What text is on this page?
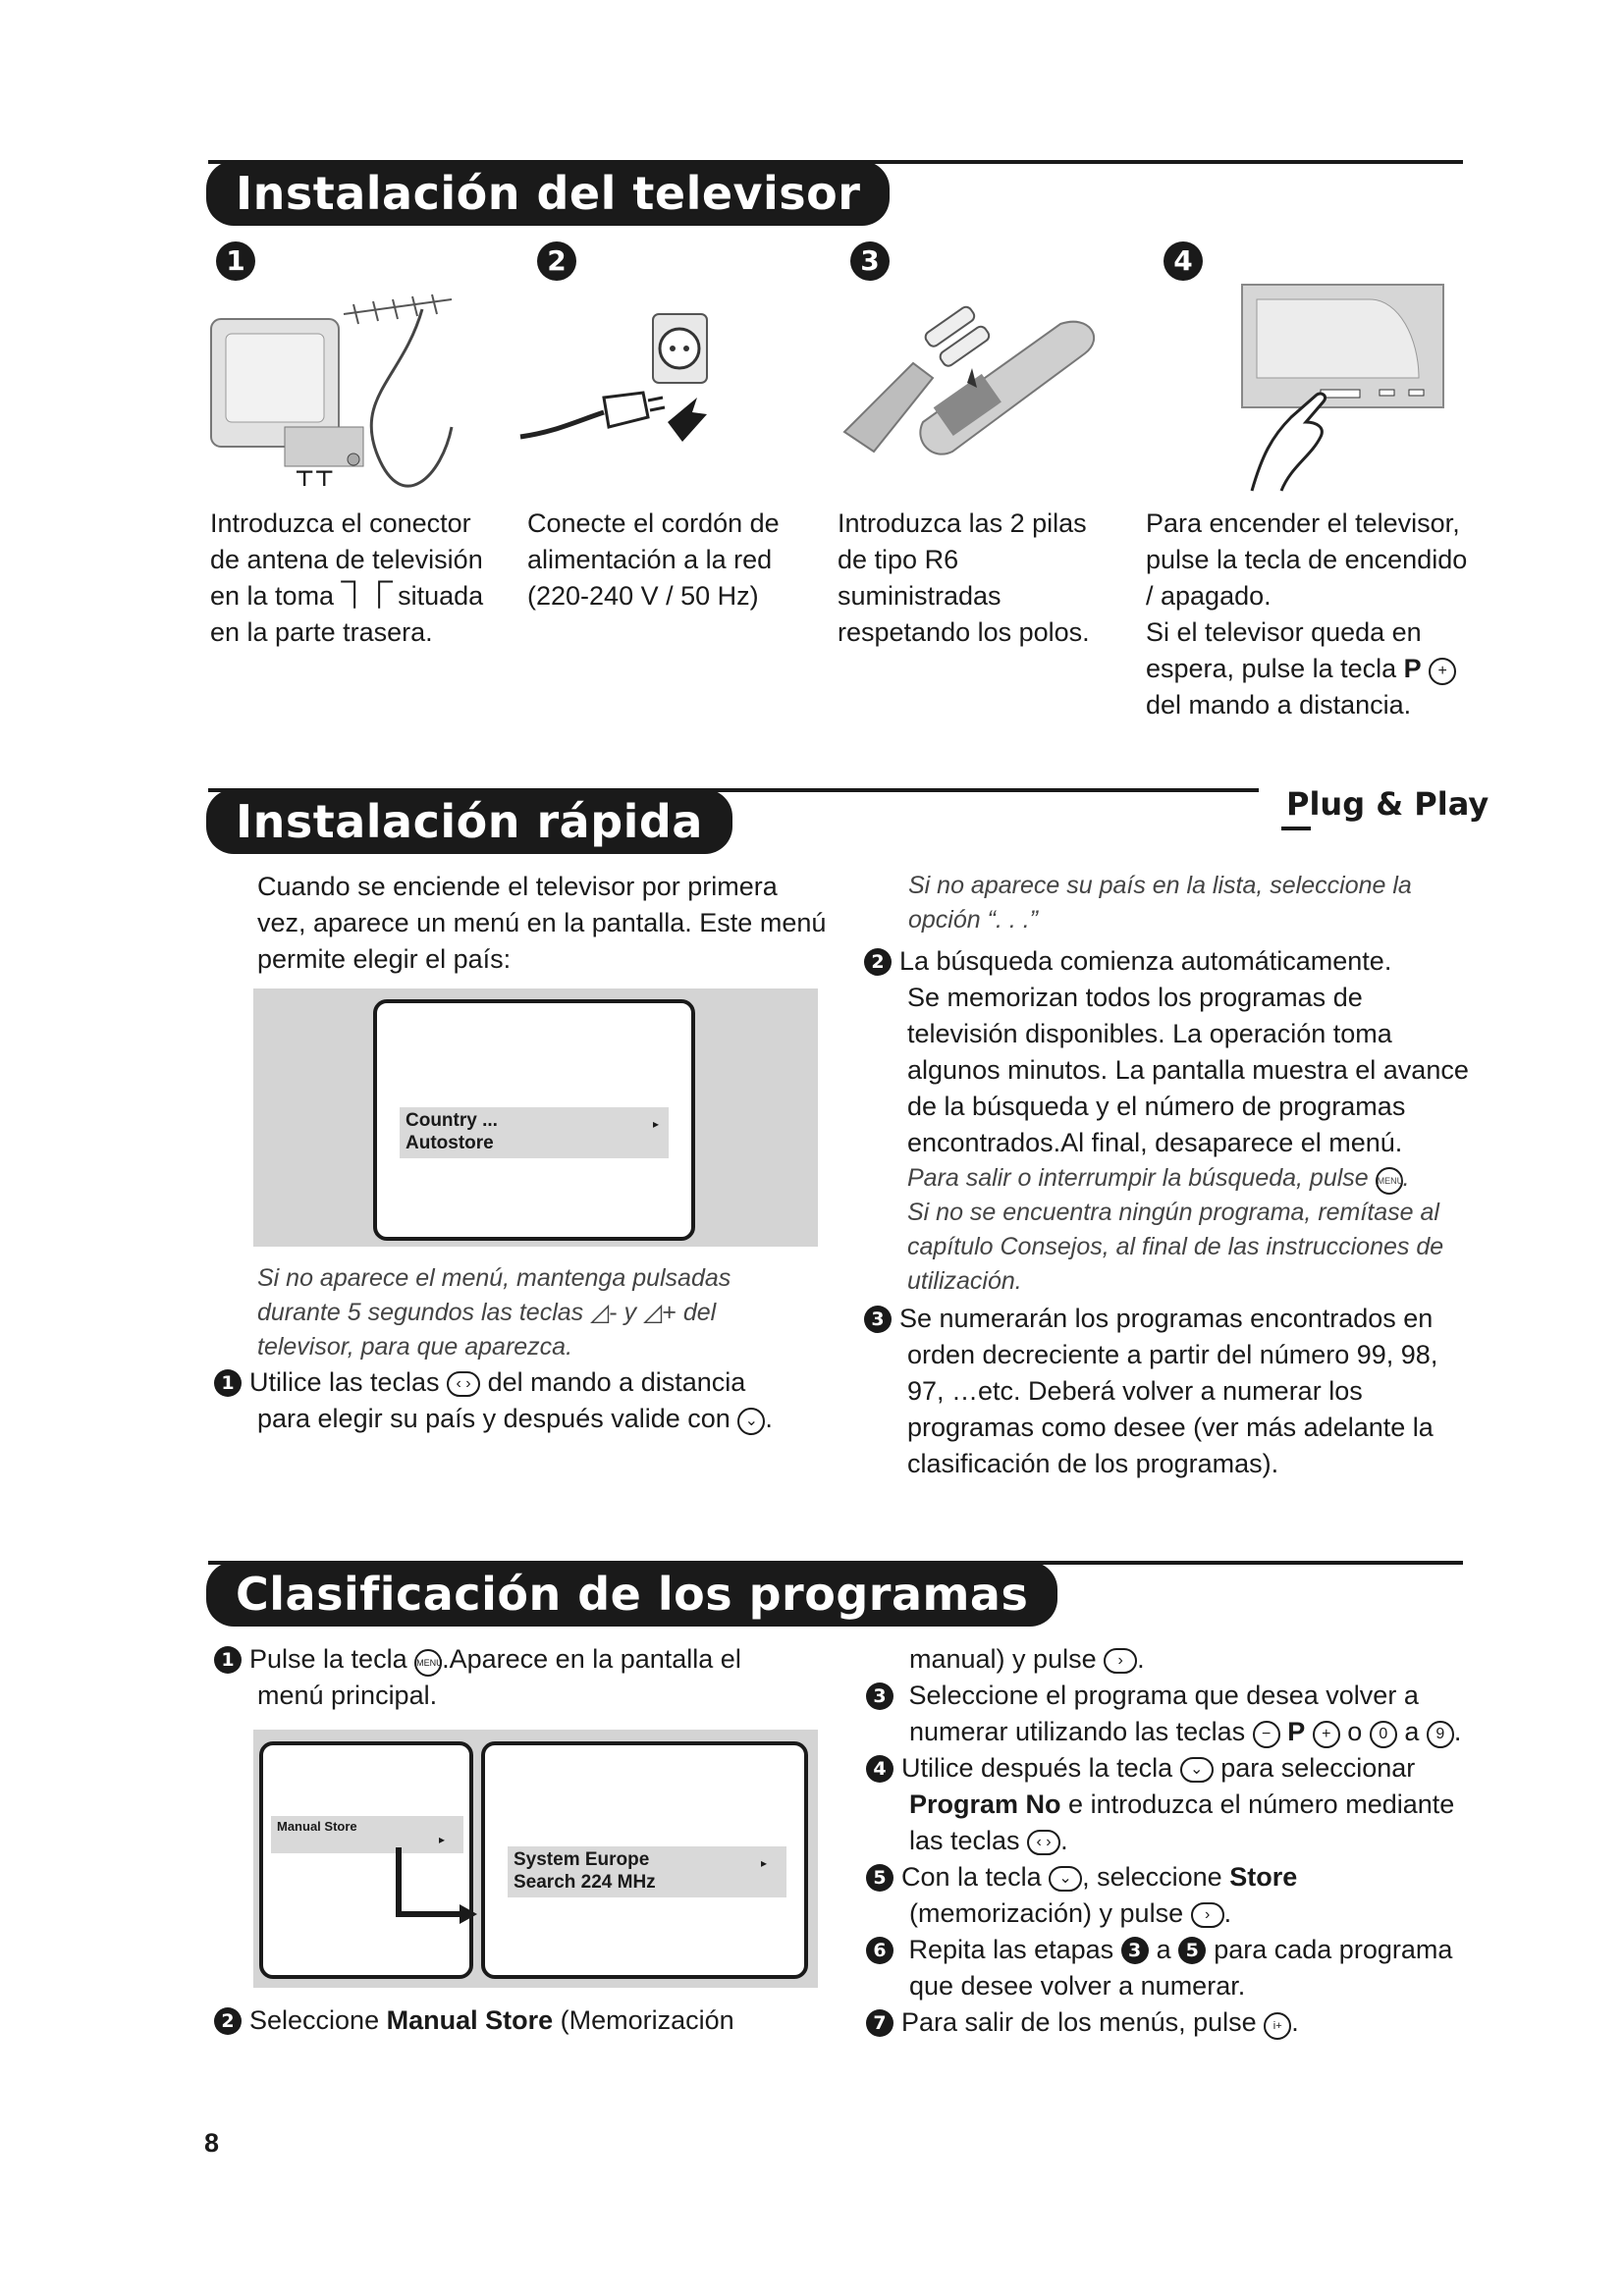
Instalación del televisor
1	2	3	4
⊤⊤

Introduzca el conector

de antena de televisión

en la toma ⏋⎾ situada

en la parte trasera.

Conecte el cordón de

alimentación a la red

(220-240 V / 50 Hz)

Introduzca las 2 pilas

de tipo R6

suministradas

respetando los polos.

Para encender el televisor,

pulse la tecla de encendido

/ apagado.

Si el televisor queda en

espera, pulse la tecla P +

del mando a distancia.

Instalación rápida	Plug & Play

Cuando se enciende el televisor por primera

vez, aparece un menú en la pantalla. Este menú

permite elegir el país:

Country ...
Autostore
▸

Si no aparece el menú, mantenga pulsadas

durante 5 segundos las teclas ◿- y ◿+ del

televisor, para que aparezca.

1 Utilice las teclas ‹ › del mando a distancia

para elegir su país y después valide con ⌄ .

Si no aparece su país en la lista, seleccione la

opción “. . .”

2 La búsqueda comienza automáticamente.

Se memorizan todos los programas de

televisión disponibles. La operación toma

algunos minutos. La pantalla muestra el avance

de la búsqueda y el número de programas

encontrados.Al final, desaparece el menú.

Para salir o interrumpir la búsqueda, pulse MENU.

Si no se encuentra ningún programa, remítase al

capítulo Consejos, al final de las instrucciones de

utilización.

3 Se numerarán los programas encontrados en

orden decreciente a partir del número 99, 98,

97, …etc. Deberá volver a numerar los

programas como desee (ver más adelante la

clasificación de los programas).

Clasificación de los programas

1 Pulse la tecla MENU.Aparece en la pantalla el

menú principal.

Manual Store
▸
System Europe
Search 224 MHz
▸

2 Seleccione Manual Store (Memorización

manual) y pulse › .

3 Seleccione el programa que desea volver a

numerar utilizando las teclas − P + o 0 a 9 .

4 Utilice después la tecla ⌄ para seleccionar

Program No e introduzca el número mediante

las teclas ‹ › .

5 Con la tecla ⌄ , seleccione Store

(memorización) y pulse › .

6 Repita las etapas 3 a 5 para cada programa

que desee volver a numerar.

7 Para salir de los menús, pulse i+ .

8
